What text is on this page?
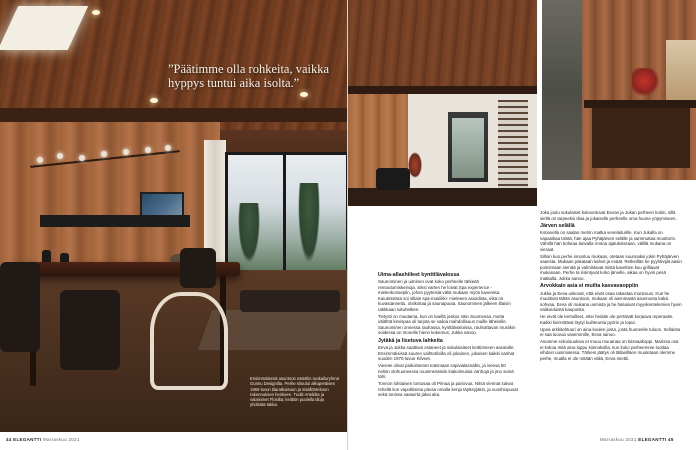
”Päätimme olla rohkeita, vaikka hyppys tuntui aika isolta.”

Ensimmäisenä asuntoon ostettiin ruokailuryhmä Gunnu Designilta. Perhe sitoutui alkuperäisen 1960-luvun tilaratkaisuun ja sisällöntekoon rakennuksen henkeen. Tuolit Artekilta ja valaisimet Flosilta; keittiön puolella tiloja yhdistää takka.

44 ELEGANTTI Marraskuu 2021

Uima-allashiileet kynttilävalossa

Saunominen ja uiminen ovat koko perheelle tärkeitä rentoutumiskeinoja. Siksi varten he loivat Spa experience -mielenkonseptin, johon pyyteisiä väliä mukaan myös kavereita. Kaiutinteista soi siltain spa-musiikki- mieleeen asioidista, eikä on kuvastannettu, otsikoitaa ja saunapuuta. Saunominen jälkeen iltaisin rakkkaan lukuhetken.

Tietysti on muutama, kun on kaellä joskus näin Suomessa, mutta välähtä kirvispaa oli tarjota se vaikia mahdollisuus muille läheisille. Saunominen onnessa rauhassa, kynttilävaloissa, rauhoittavan musiikin soidessa on monelle hieno kokemus, Jukka sanoo.

Jytäkä ja lisetuva lahkeita

Eeva ja Jukka saattivat ostaneet ja sukulaisiteet keittiömeen aseatolle. Ensimmäisissä suuren vaihtotiloilla oli jokainen, jokaisen kaikki vanhat vuoden 1970-luvun Kilveet.

Viesnei olivat paikoitnenet toteimaan sopivialasnallin, ja iseesa 50 neliön olohuoneessa ruusimesäisiin kiakoimuisia vanhoja ja jmu seinä tahi.

Tonnon luhtiaisen tontusaa oli Pirnaa ja pariovua. Nitsä viennat saivat rehellä ilon vapotliisista pitusa omalla kenpi täytteyjäksi, ja vuoshiopuvat sekä tonissa saatuirta jakai aka.

Joka joulu sukulaiset kokoontuvat Eevan ja Jukan perheen kotiin, sillä siellä on tarpeeksi tilaa ja jokaiselle perheelle oma huone yöpymiseen.

Järven selällä

Kotiovella on saalan metrin matka venelaiturille. Kun Jukalla on vapaaikaa töistä, hän ajaa Pyhäjärven selälle ja sammuttaa moottorin. Vähillä hän koheaa lanvalla rentoa ajatuksissaan, välillä mukana on vieraat.

Silloin kun perhe innostuu mukaan, otetaan suunnaksi jokin Pyhäjärven saarista. Mukaan pakataan kahvit ja eväät. Retkeilläs he pyyhtivijät aasin poimimaan sienää ja valmistavat niistä kaveltien kuu grilliavat mukanaan. Perhe ta risiintyvat koko järvelle, aikaa on hyvin pesä matkalla. Jukka sanoo.

Arvokkain asia ei muilta kasvavaoppiin

Jukka ja Eeva uskovat, että eivät osaa rakastaa moniruusi. Kun he muuttivat tähän asuntoon, mukaan oli aiemmasta asunnosta kaksi sohvaa. Eeva oli mukana uomista ja he halusivat myyskentelemien hyvin valikoiduistä kaupoista.

He eivät ole kertoilleet, ettei heidän ole pertäivät korjaava reperaatin. Kaikki kierrettävä löytyi kuihteunta pyörin ja loput.

Upea arkkitehtuuri on aina koulen josta, josta huoneelle tuloon. Sellaista ei saa luovua vasemmille, Eeva sanoo.

Asumme erikoisuuksia et muuu muuanaa on kasvaakoppi. Marissa osa ei kokoa mitä aina loppu kiinnoksilla, kun koko perheemme luottaa vihdoin uusimisessa. Tärkein jäätys oli tällasilläen muutetaan olemme perhe, mualla ei ole mitään väliä, Eeva miettii.

Marraskuu 2021 ELEGANTTI 45
